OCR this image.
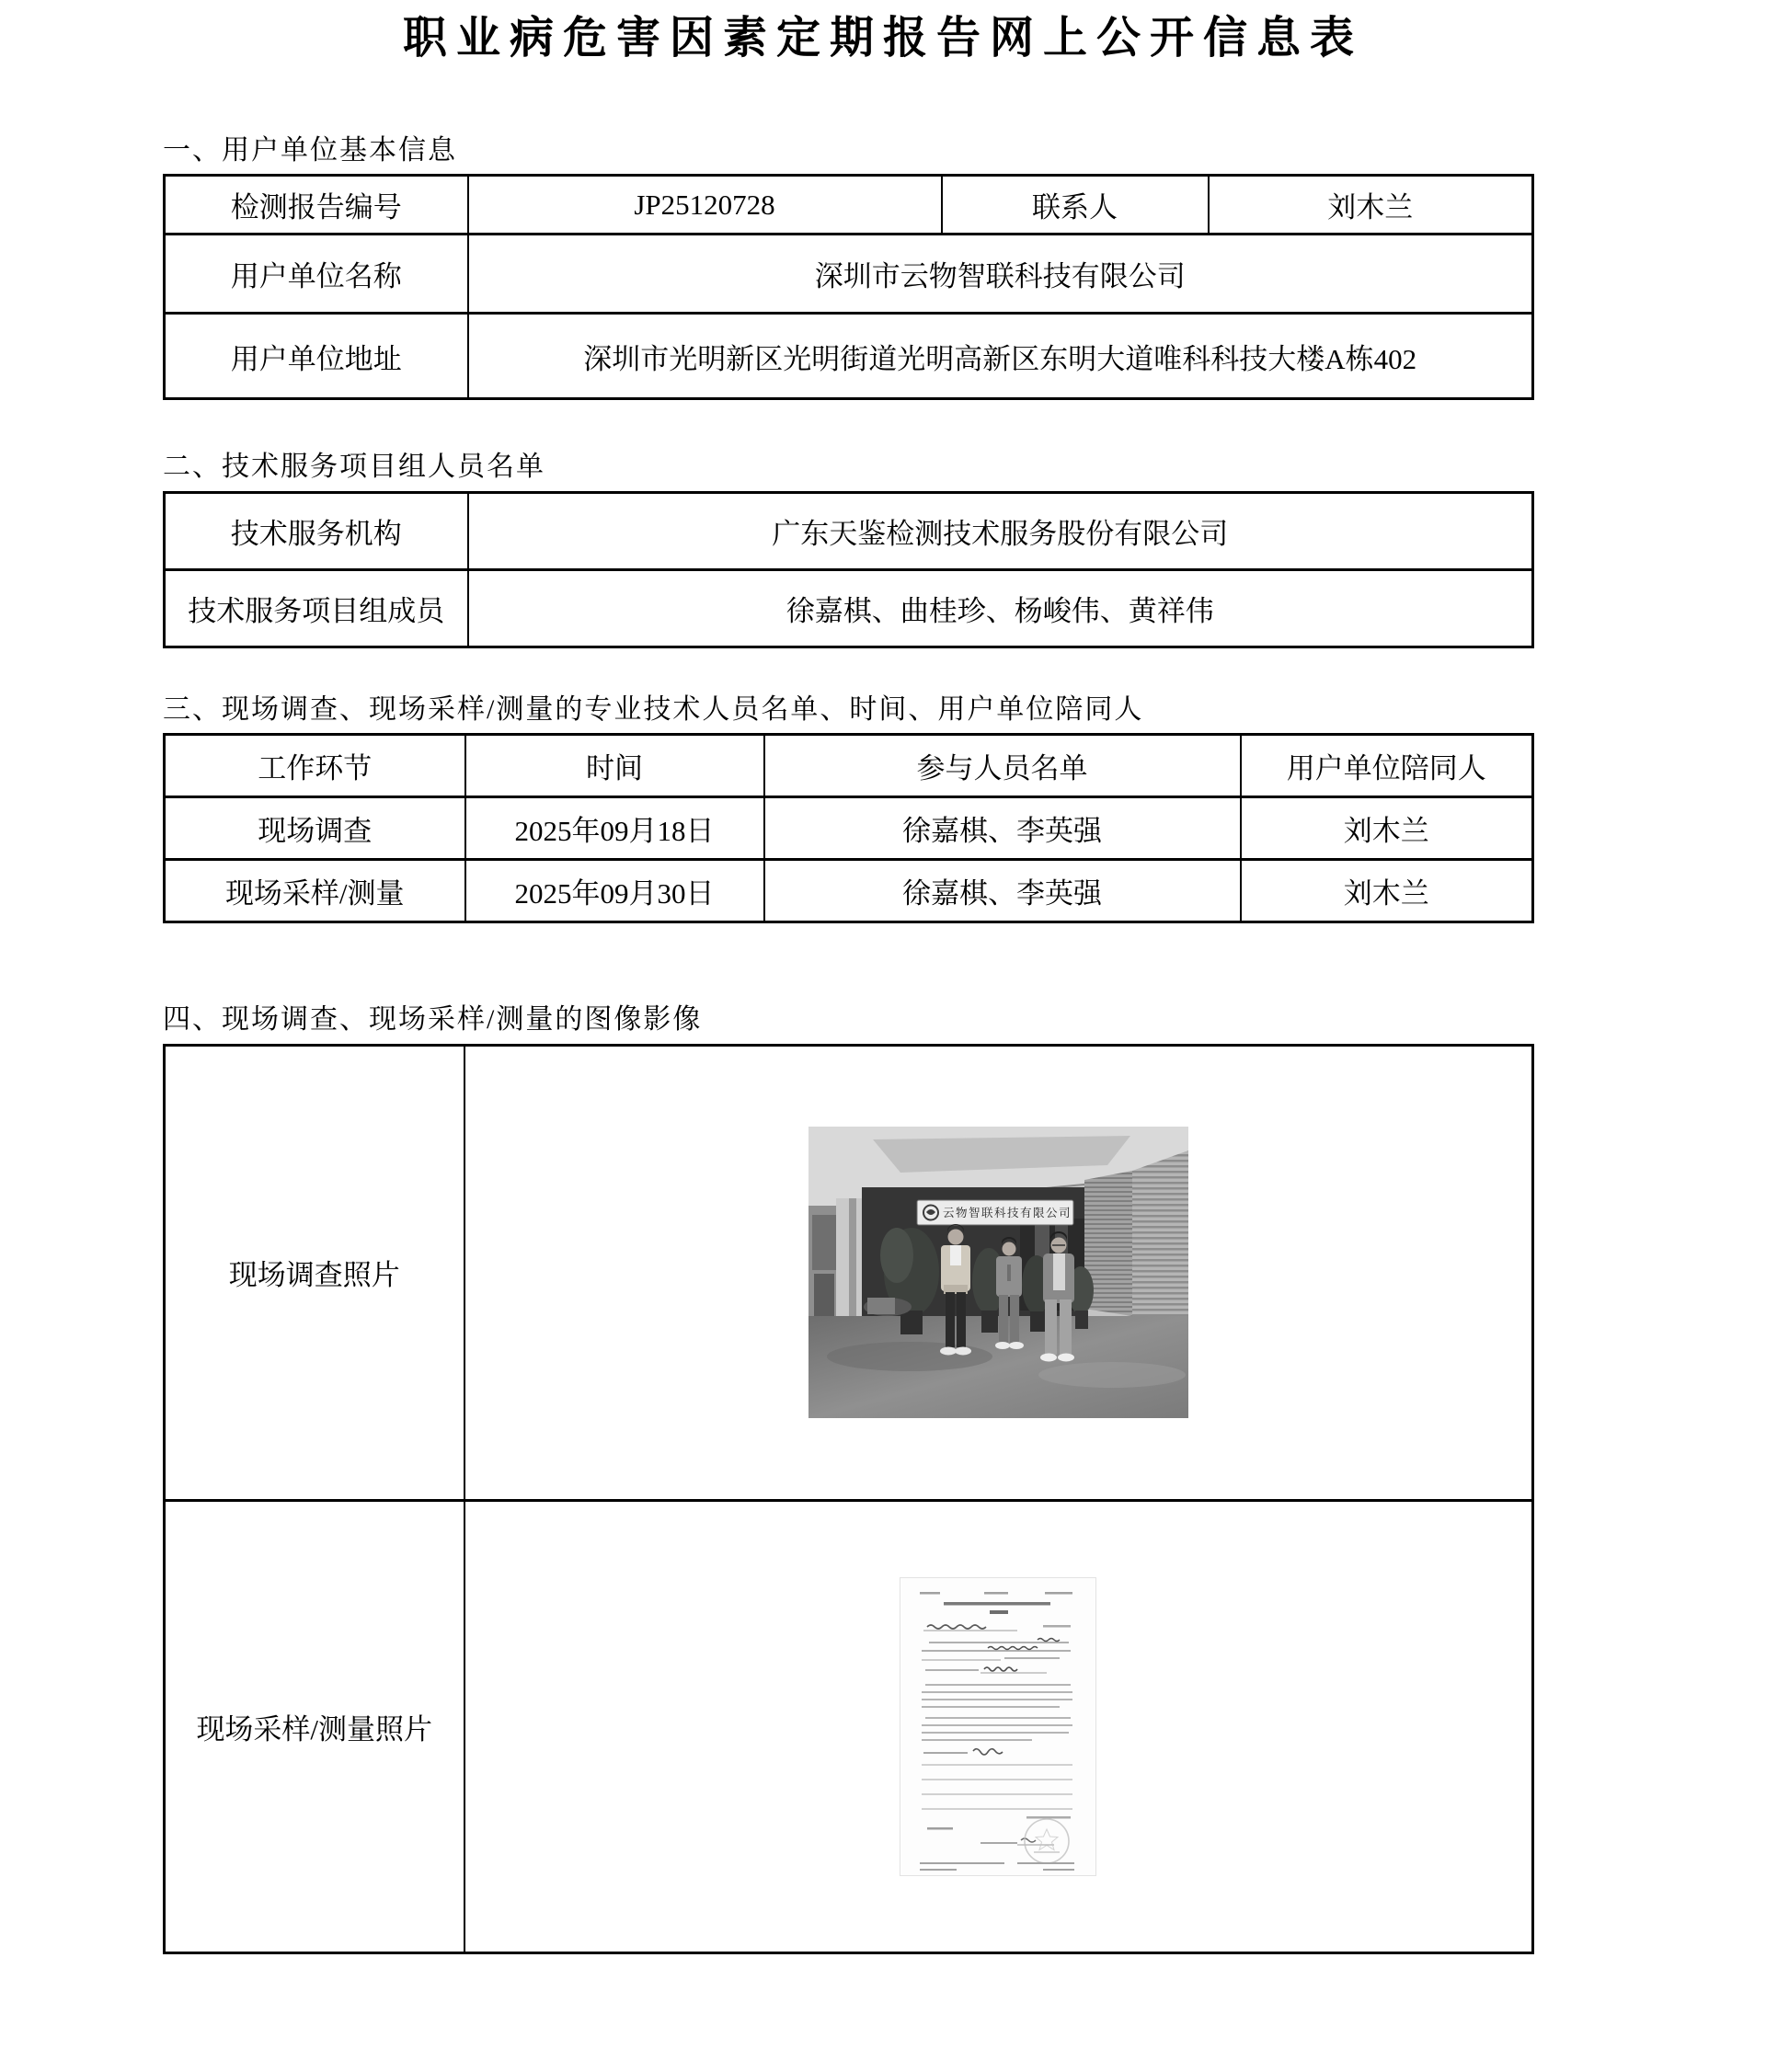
职业病危害因素定期报告网上公开信息表
一、用户单位基本信息
检测报告编号	JP25120728	联系人	刘木兰
用户单位名称	深圳市云物智联科技有限公司		
用户单位地址	深圳市光明新区光明街道光明高新区东明大道唯科科技大楼A栋402		
二、技术服务项目组人员名单
技术服务机构	广东天鉴检测技术服务股份有限公司
技术服务项目组成员	徐嘉棋、曲桂珍、杨峻伟、黄祥伟
三、现场调查、现场采样/测量的专业技术人员名单、时间、用户单位陪同人
工作环节	时间	参与人员名单	用户单位陪同人
现场调查	2025年09月18日	徐嘉棋、李英强	刘木兰
现场采样/测量	2025年09月30日	徐嘉棋、李英强	刘木兰
四、现场调查、现场采样/测量的图像影像
现场调查照片	云物智联科技有限公司

现场采样/测量照片	
